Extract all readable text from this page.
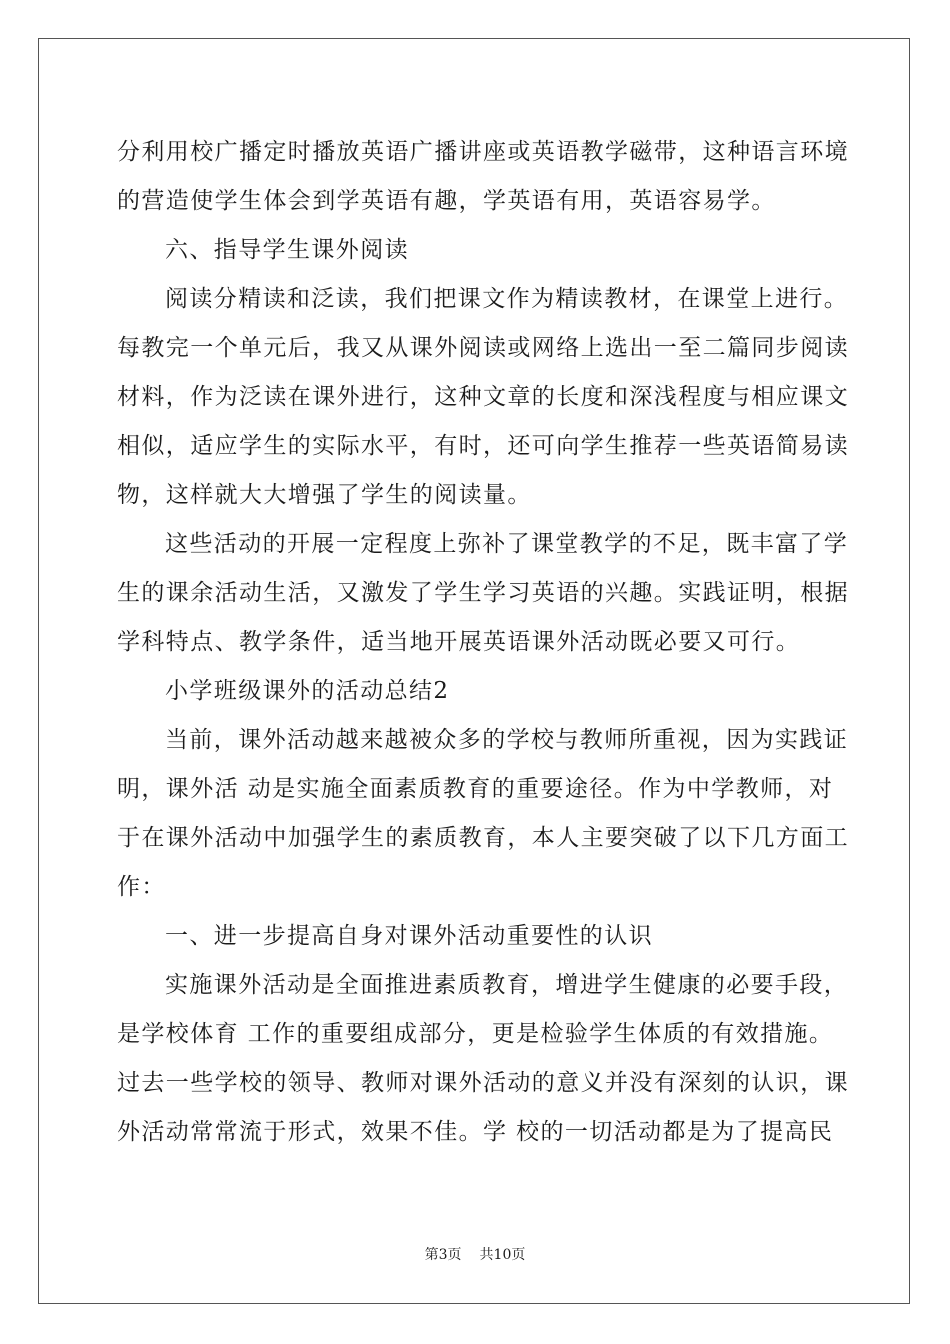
分利用校广播定时播放英语广播讲座或英语教学磁带，这种语言环境
的营造使学生体会到学英语有趣，学英语有用，英语容易学。
六、指导学生课外阅读
阅读分精读和泛读，我们把课文作为精读教材，在课堂上进行。
每教完一个单元后，我又从课外阅读或网络上选出一至二篇同步阅读
材料，作为泛读在课外进行，这种文章的长度和深浅程度与相应课文
相似，适应学生的实际水平，有时，还可向学生推荐一些英语简易读
物，这样就大大增强了学生的阅读量。
这些活动的开展一定程度上弥补了课堂教学的不足，既丰富了学
生的课余活动生活，又激发了学生学习英语的兴趣。实践证明，根据
学科特点、教学条件，适当地开展英语课外活动既必要又可行。
小学班级课外的活动总结2
当前，课外活动越来越被众多的学校与教师所重视，因为实践证
明，课外活 动是实施全面素质教育的重要途径。作为中学教师，对
于在课外活动中加强学生的素质教育，本人主要突破了以下几方面工
作：
一、进一步提高自身对课外活动重要性的认识
实施课外活动是全面推进素质教育，增进学生健康的必要手段，
是学校体育 工作的重要组成部分，更是检验学生体质的有效措施。
过去一些学校的领导、教师对课外活动的意义并没有深刻的认识，课
外活动常常流于形式，效果不佳。学 校的一切活动都是为了提高民
第3页 共10页
